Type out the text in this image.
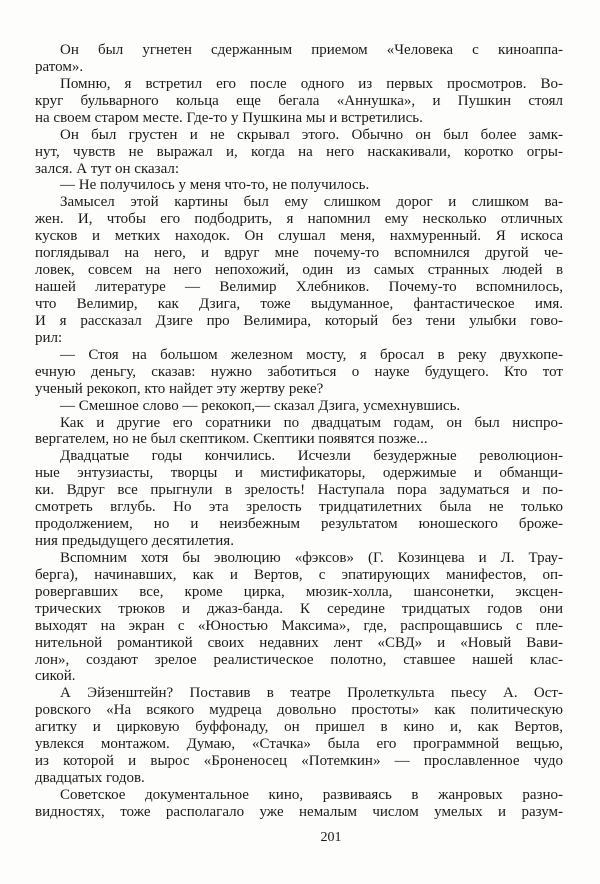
Он был угнетен сдержанным приемом «Человека с киноаппа-
ратом».
Помню, я встретил его после одного из первых просмотров. Во-
круг бульварного кольца еще бегала «Аннушка», и Пушкин стоял
на своем старом месте. Где-то у Пушкина мы и встретились.
Он был грустен и не скрывал этого. Обычно он был более замк-
нут, чувств не выражал и, когда на него наскакивали, коротко огры-
зался. А тут он сказал:
— Не получилось у меня что-то, не получилось.
Замысел этой картины был ему слишком дорог и слишком ва-
жен. И, чтобы его подбодрить, я напомнил ему несколько отличных
кусков и метких находок. Он слушал меня, нахмуренный. Я искоса
поглядывал на него, и вдруг мне почему-то вспомнился другой че-
ловек, совсем на него непохожий, один из самых странных людей в
нашей литературе — Велимир Хлебников. Почему-то вспомнилось,
что Велимир, как Дзига, тоже выдуманное, фантастическое имя.
И я рассказал Дзиге про Велимира, который без тени улыбки гово-
рил:
— Стоя на большом железном мосту, я бросал в реку двухкопе-
ечную деньгу, сказав: нужно заботиться о науке будущего. Кто тот
ученый рекокоп, кто найдет эту жертву реке?
— Смешное слово — рекокоп,— сказал Дзига, усмехнувшись.
Как и другие его соратники по двадцатым годам, он был ниспро-
вергателем, но не был скептиком. Скептики появятся позже...
Двадцатые годы кончились. Исчезли безудержные революцион-
ные энтузиасты, творцы и мистификаторы, одержимые и обманщи-
ки. Вдруг все прыгнули в зрелость! Наступала пора задуматься и по-
смотреть вглубь. Но эта зрелость тридцатилетних была не только
продолжением, но и неизбежным результатом юношеского броже-
ния предыдущего десятилетия.
Вспомним хотя бы эволюцию «фэксов» (Г. Козинцева и Л. Трау-
берга), начинавших, как и Вертов, с эпатирующих манифестов, оп-
ровергавших все, кроме цирка, мюзик-холла, шансонетки, эксцен-
трических трюков и джаз-банда. К середине тридцатых годов они
выходят на экран с «Юностью Максима», где, распрощавшись с пле-
нительной романтикой своих недавних лент «СВД» и «Новый Вави-
лон», создают зрелое реалистическое полотно, ставшее нашей клас-
сикой.
А Эйзенштейн? Поставив в театре Пролеткульта пьесу А. Ост-
ровского «На всякого мудреца довольно простоты» как политическую
агитку и цирковую буффонаду, он пришел в кино и, как Вертов,
увлекся монтажом. Думаю, «Стачка» была его программной вещью,
из которой и вырос «Броненосец «Потемкин» — прославленное чудо
двадцатых годов.
Советское документальное кино, развиваясь в жанровых разно-
видностях, тоже располагало уже немалым числом умелых и разум-
201
